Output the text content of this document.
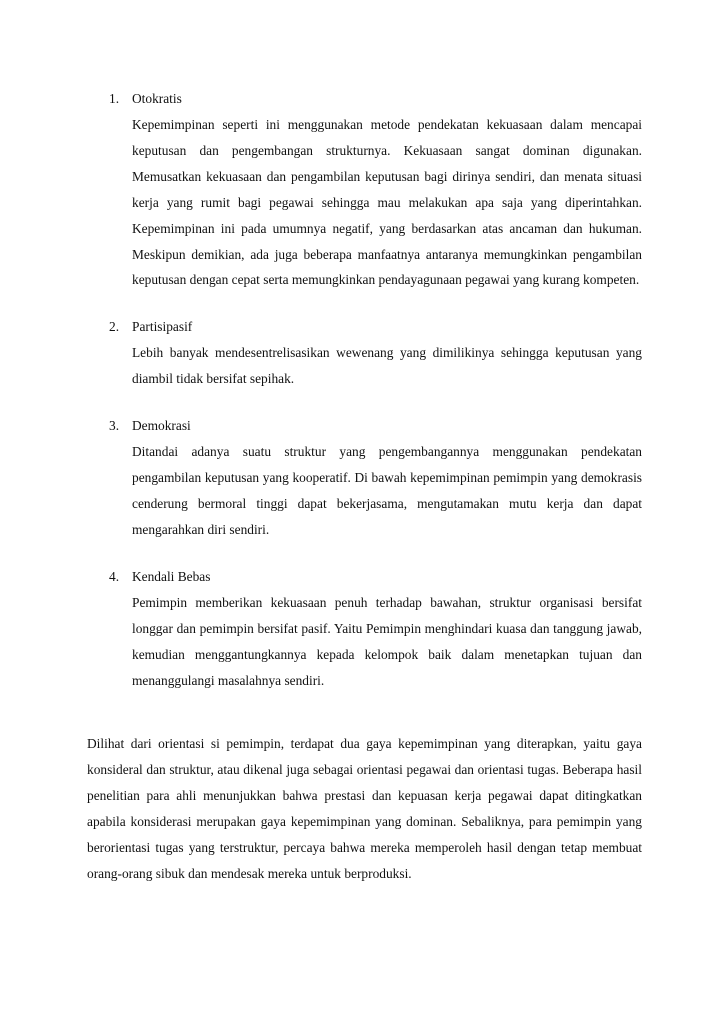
1. Otokratis

Kepemimpinan seperti ini menggunakan metode pendekatan kekuasaan dalam mencapai keputusan dan pengembangan strukturnya. Kekuasaan sangat dominan digunakan. Memusatkan kekuasaan dan pengambilan keputusan bagi dirinya sendiri, dan menata situasi kerja yang rumit bagi pegawai sehingga mau melakukan apa saja yang diperintahkan. Kepemimpinan ini pada umumnya negatif, yang berdasarkan atas ancaman dan hukuman. Meskipun demikian, ada juga beberapa manfaatnya antaranya memungkinkan pengambilan keputusan dengan cepat serta memungkinkan pendayagunaan pegawai yang kurang kompeten.

2. Partisipasif

Lebih banyak mendesentrelisasikan wewenang yang dimilikinya sehingga keputusan yang diambil tidak bersifat sepihak.

3. Demokrasi

Ditandai adanya suatu struktur yang pengembangannya menggunakan pendekatan pengambilan keputusan yang kooperatif. Di bawah kepemimpinan pemimpin yang demokrasis cenderung bermoral tinggi dapat bekerjasama, mengutamakan mutu kerja dan dapat mengarahkan diri sendiri.

4. Kendali Bebas

Pemimpin memberikan kekuasaan penuh terhadap bawahan, struktur organisasi bersifat longgar dan pemimpin bersifat pasif. Yaitu Pemimpin menghindari kuasa dan tanggung jawab, kemudian menggantungkannya kepada kelompok baik dalam menetapkan tujuan dan menanggulangi masalahnya sendiri.

Dilihat dari orientasi si pemimpin, terdapat dua gaya kepemimpinan yang diterapkan, yaitu gaya konsideral dan struktur, atau dikenal juga sebagai orientasi pegawai dan orientasi tugas. Beberapa hasil penelitian para ahli menunjukkan bahwa prestasi dan kepuasan kerja pegawai dapat ditingkatkan apabila konsiderasi merupakan gaya kepemimpinan yang dominan. Sebaliknya, para pemimpin yang berorientasi tugas yang terstruktur, percaya bahwa mereka memperoleh hasil dengan tetap membuat orang-orang sibuk dan mendesak mereka untuk berproduksi.
